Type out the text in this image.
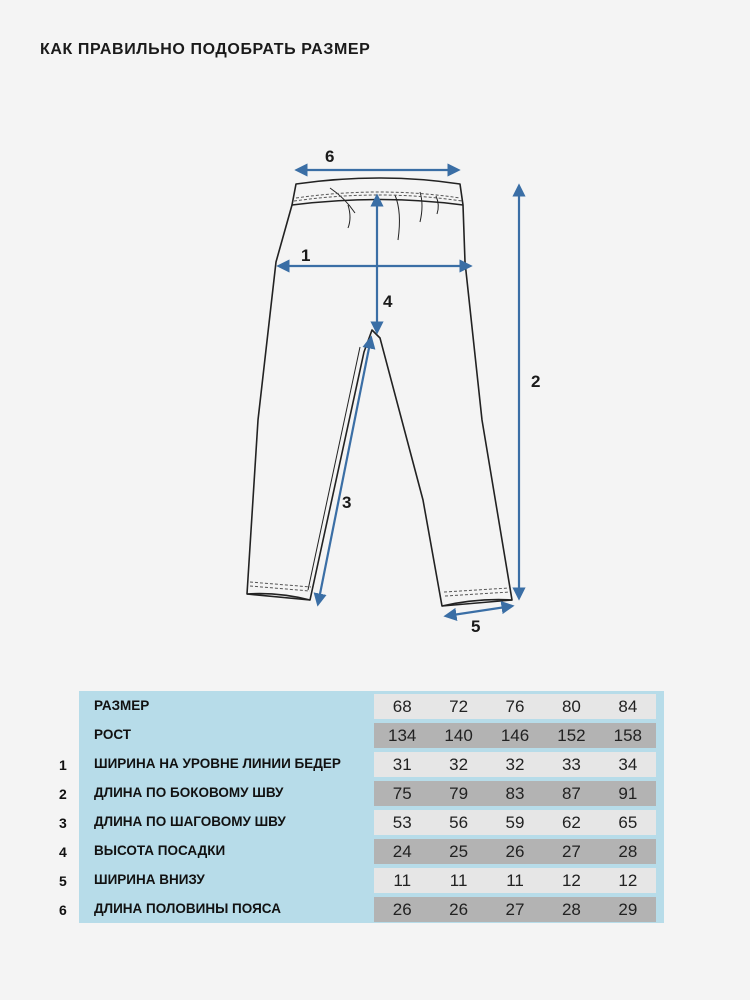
КАК ПРАВИЛЬНО ПОДОБРАТЬ РАЗМЕР
6
1
4
2
3
5
РАЗМЕР	68	72	76	80	84
РОСТ	134	140	146	152	158
1 ШИРИНА НА УРОВНЕ ЛИНИИ БЕДЕР	31	32	32	33	34
2 ДЛИНА ПО БОКОВОМУ ШВУ	75	79	83	87	91
3 ДЛИНА ПО ШАГОВОМУ ШВУ	53	56	59	62	65
4 ВЫСОТА ПОСАДКИ	24	25	26	27	28
5 ШИРИНА ВНИЗУ	11	11	11	12	12
6 ДЛИНА ПОЛОВИНЫ ПОЯСА	26	26	27	28	29
